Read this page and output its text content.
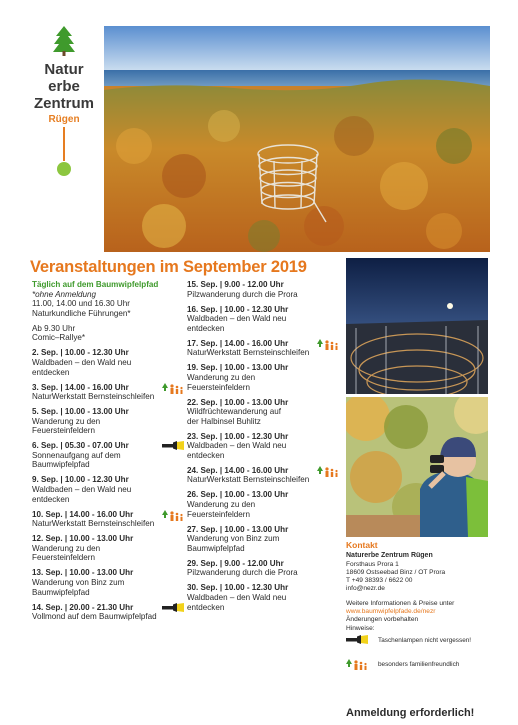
Natur
erbe
Zentrum
Rügen
Veranstaltungen im September 2019
Täglich auf dem Baumwipfelpfad
*ohne Anmeldung
11.00, 14.00 und 16.30 Uhr
Naturkundliche Führungen*
Ab 9.30 Uhr
Comic–Rallye*
2. Sep. | 10.00 - 12.30 Uhr
Waldbaden – den Wald neu
entdecken
3. Sep. | 14.00 - 16.00 Uhr
NaturWerkstatt Bernsteinschleifen
5. Sep. | 10.00 - 13.00 Uhr
Wanderung zu den
Feuersteinfeldern
6. Sep. | 05.30 - 07.00 Uhr
Sonnenaufgang auf dem
Baumwipfelpfad
9. Sep. | 10.00 - 12.30 Uhr
Waldbaden – den Wald neu
entdecken
10. Sep. | 14.00 - 16.00 Uhr
NaturWerkstatt Bernsteinschleifen
12. Sep. | 10.00 - 13.00 Uhr
Wanderung zu den
Feuersteinfeldern
13. Sep. | 10.00 - 13.00 Uhr
Wanderung von Binz zum
Baumwipfelpfad
14. Sep. | 20.00 - 21.30 Uhr
Vollmond auf dem Baumwipfelpfad
15. Sep. | 9.00 - 12.00 Uhr
Pilzwanderung durch die Prora
16. Sep. | 10.00 - 12.30 Uhr
Waldbaden – den Wald neu
entdecken
17. Sep. | 14.00 - 16.00 Uhr
NaturWerkstatt Bernsteinschleifen
19. Sep. | 10.00 - 13.00 Uhr
Wanderung zu den
Feuersteinfeldern
22. Sep. | 10.00 - 13.00 Uhr
Wildfrüchtewanderung auf
der Halbinsel Buhlitz
23. Sep. | 10.00 - 12.30 Uhr
Waldbaden – den Wald neu
entdecken
24. Sep. | 14.00 - 16.00 Uhr
NaturWerkstatt Bernsteinschleifen
26. Sep. | 10.00 - 13.00 Uhr
Wanderung zu den
Feuersteinfeldern
27. Sep. | 10.00 - 13.00 Uhr
Wanderung von Binz zum
Baumwipfelpfad
29. Sep. | 9.00 - 12.00 Uhr
Pilzwanderung durch die Prora
30. Sep. | 10.00 - 12.30 Uhr
Waldbaden – den Wald neu
entdecken
Kontakt
Naturerbe Zentrum Rügen
Forsthaus Prora 1
18609 Ostseebad Binz / OT Prora
T +49 38393 / 6622 00
info@nezr.de
Weitere Informationen & Preise unter
www.baumwipfelpfade.de/nezr
Änderungen vorbehalten
Hinweise:
Taschenlampen nicht vergessen!
besonders familienfreundlich
Anmeldung erforderlich!
